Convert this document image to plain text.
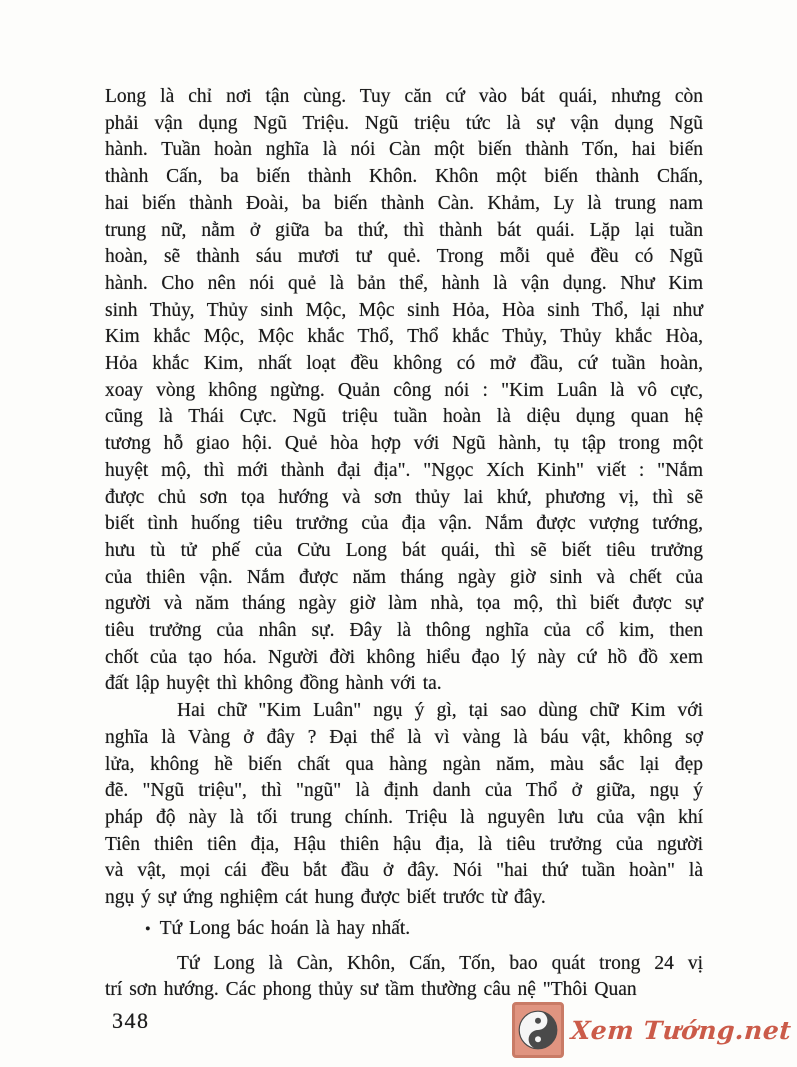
Long là chỉ nơi tận cùng. Tuy căn cứ vào bát quái, nhưng còn
phải vận dụng Ngũ Triệu. Ngũ triệu tức là sự vận dụng Ngũ
hành. Tuần hoàn nghĩa là nói Càn một biến thành Tốn, hai biến
thành Cấn, ba biến thành Khôn. Khôn một biến thành Chấn,
hai biến thành Đoài, ba biến thành Càn. Khảm, Ly là trung nam
trung nữ, nằm ở giữa ba thứ, thì thành bát quái. Lặp lại tuần
hoàn, sẽ thành sáu mươi tư quẻ. Trong mỗi quẻ đều có Ngũ
hành. Cho nên nói quẻ là bản thể, hành là vận dụng. Như Kim
sinh Thủy, Thủy sinh Mộc, Mộc sinh Hỏa, Hòa sinh Thổ, lại như
Kim khắc Mộc, Mộc khắc Thổ, Thổ khắc Thủy, Thủy khắc Hòa,
Hỏa khắc Kim, nhất loạt đều không có mở đầu, cứ tuần hoàn,
xoay vòng không ngừng. Quản công nói : "Kim Luân là vô cực,
cũng là Thái Cực. Ngũ triệu tuần hoàn là diệu dụng quan hệ
tương hỗ giao hội. Quẻ hòa hợp với Ngũ hành, tụ tập trong một
huyệt mộ, thì mới thành đại địa". "Ngọc Xích Kinh" viết : "Nắm
được chủ sơn tọa hướng và sơn thủy lai khứ, phương vị, thì sẽ
biết tình huống tiêu trưởng của địa vận. Nắm được vượng tướng,
hưu tù tử phế của Cửu Long bát quái, thì sẽ biết tiêu trưởng
của thiên vận. Nắm được năm tháng ngày giờ sinh và chết của
người và năm tháng ngày giờ làm nhà, tọa mộ, thì biết được sự
tiêu trưởng của nhân sự. Đây là thông nghĩa của cổ kim, then
chốt của tạo hóa. Người đời không hiểu đạo lý này cứ hồ đồ xem
đất lập huyệt thì không đồng hành với ta.
Hai chữ "Kim Luân" ngụ ý gì, tại sao dùng chữ Kim với
nghĩa là Vàng ở đây ? Đại thể là vì vàng là báu vật, không sợ
lửa, không hề biến chất qua hàng ngàn năm, màu sắc lại đẹp
đẽ. "Ngũ triệu", thì "ngũ" là định danh của Thổ ở giữa, ngụ ý
pháp độ này là tối trung chính. Triệu là nguyên lưu của vận khí
Tiên thiên tiên địa, Hậu thiên hậu địa, là tiêu trưởng của người
và vật, mọi cái đều bắt đầu ở đây. Nói "hai thứ tuần hoàn" là
ngụ ý sự ứng nghiệm cát hung được biết trước từ đây.
• Tứ Long bác hoán là hay nhất.
Tứ Long là Càn, Khôn, Cấn, Tốn, bao quát trong 24 vị
trí sơn hướng. Các phong thủy sư tầm thường câu nệ "Thôi Quan
348	Xem Tướng.net
